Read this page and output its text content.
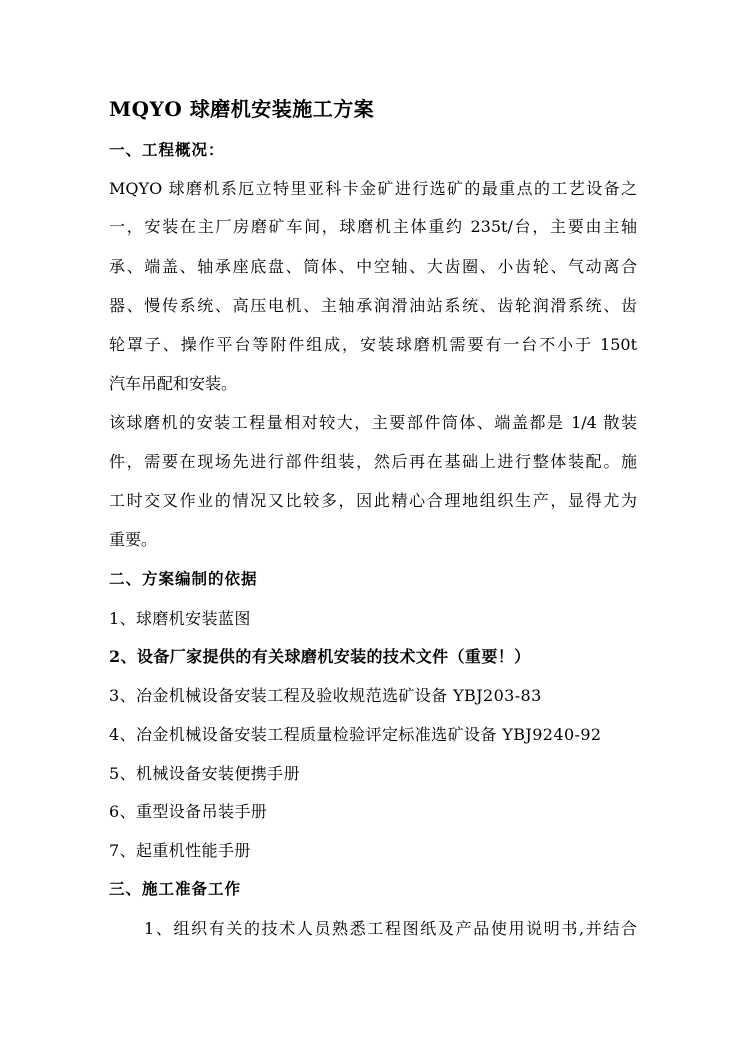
MQYO 球磨机安装施工方案
一、工程概况：
MQYO 球磨机系厄立特里亚科卡金矿进行选矿的最重点的工艺设备之
一，安装在主厂房磨矿车间，球磨机主体重约 235t/台，主要由主轴
承、端盖、轴承座底盘、筒体、中空轴、大齿圈、小齿轮、气动离合
器、慢传系统、高压电机、主轴承润滑油站系统、齿轮润滑系统、齿
轮罩子、操作平台等附件组成，安装球磨机需要有一台不小于 150t
汽车吊配和安装。
该球磨机的安装工程量相对较大，主要部件筒体、端盖都是 1/4 散装
件，需要在现场先进行部件组装，然后再在基础上进行整体装配。施
工时交叉作业的情况又比较多，因此精心合理地组织生产，显得尤为
重要。
二、方案编制的依据
1、球磨机安装蓝图
2、设备厂家提供的有关球磨机安装的技术文件（重要！）
3、冶金机械设备安装工程及验收规范选矿设备 YBJ203-83
4、冶金机械设备安装工程质量检验评定标准选矿设备 YBJ9240-92
5、机械设备安装便携手册
6、重型设备吊装手册
7、起重机性能手册
三、施工准备工作
1、组织有关的技术人员熟悉工程图纸及产品使用说明书,并结合
